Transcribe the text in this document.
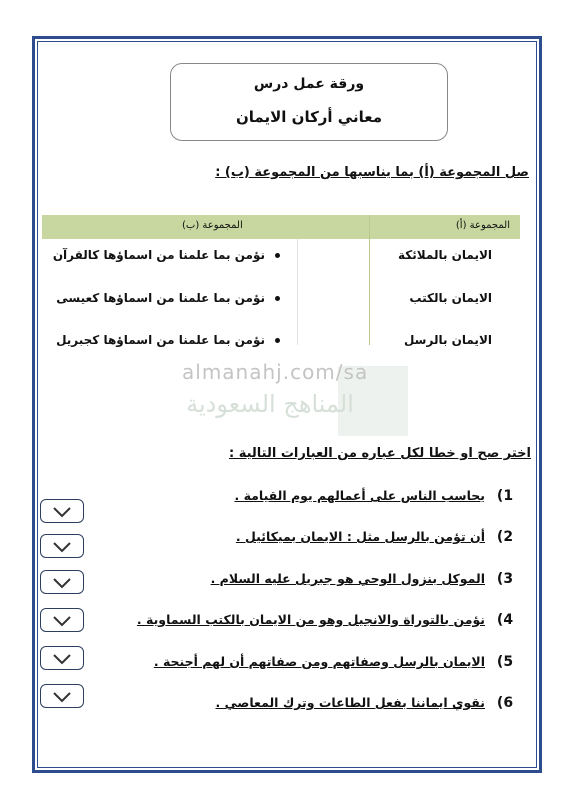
ورقة عمل درس
معاني أركان الايمان
صل المجموعة (أ) بما يناسبها من المجموعة (ب) :
المجموعة (أ)
المجموعة (ب)
الايمان بالملائكة
الايمان بالكتب
الايمان بالرسل
نؤمن بما علمنا من اسماؤها كالقرآن
نؤمن بما علمنا من اسماؤها كعيسى
نؤمن بما علمنا من اسماؤها كجبريل
almanahj.com/sa
المناهج السعودية
اختر صح او خطا لكل عباره من العبارات التالية :
1)يحاسب الناس على أعمالهم يوم القيامة .
2)أن تؤمن بالرسل مثل : الايمان بميكائيل .
3)الموكل بنزول الوحي هو جبريل عليه السلام .
4)نؤمن بالتوراة والانجيل وهو من الايمان بالكتب السماوية .
5)الايمان بالرسل وصفاتهم ومن صفاتهم أن لهم أجنحة .
6)نقوي ايماننا بفعل الطاعات وترك المعاصي .
